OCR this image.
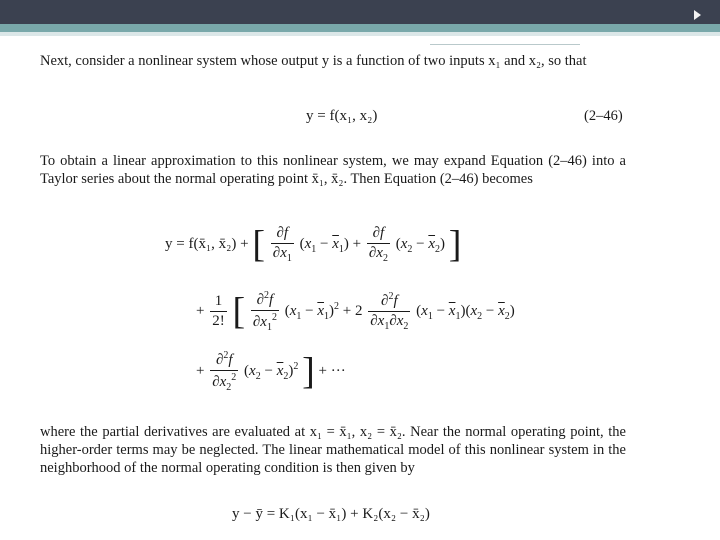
Next, consider a nonlinear system whose output y is a function of two inputs x₁ and x₂, so that
y = f(x₁, x₂)	(2–46)
To obtain a linear approximation to this nonlinear system, we may expand Equation (2–46) into a Taylor series about the normal operating point x̄₁, x̄₂. Then Equation (2–46) becomes
y = f(x̄₁, x̄₂) + [ $\frac{\partial f}{\partial x_1} (x_1 - \overline{x}_1) + \frac{\partial f}{\partial x_2} (x_2 - \overline{x}_2)$ ]
+ $\frac{1}{2!}$ [ $\frac{\partial^2f}{\partial x_1^2} (x_1 - \overline{x}_1)^2 + 2 \frac{\partial^2f}{\partial x_1\partial x_2} (x_1 - \overline{x}_1)(x_2 - \overline{x}_2)$
+ $\frac{\partial^2f}{\partial x_2^2} (x_2 - \overline{x}_2)^2$ ] + ···
where the partial derivatives are evaluated at x₁ = x̄₁, x₂ = x̄₂. Near the normal operating point, the higher-order terms may be neglected. The linear mathematical model of this nonlinear system in the neighborhood of the normal operating condition is then given by
y − ȳ = K₁(x₁ − x̄₁) + K₂(x₂ − x̄₂)
